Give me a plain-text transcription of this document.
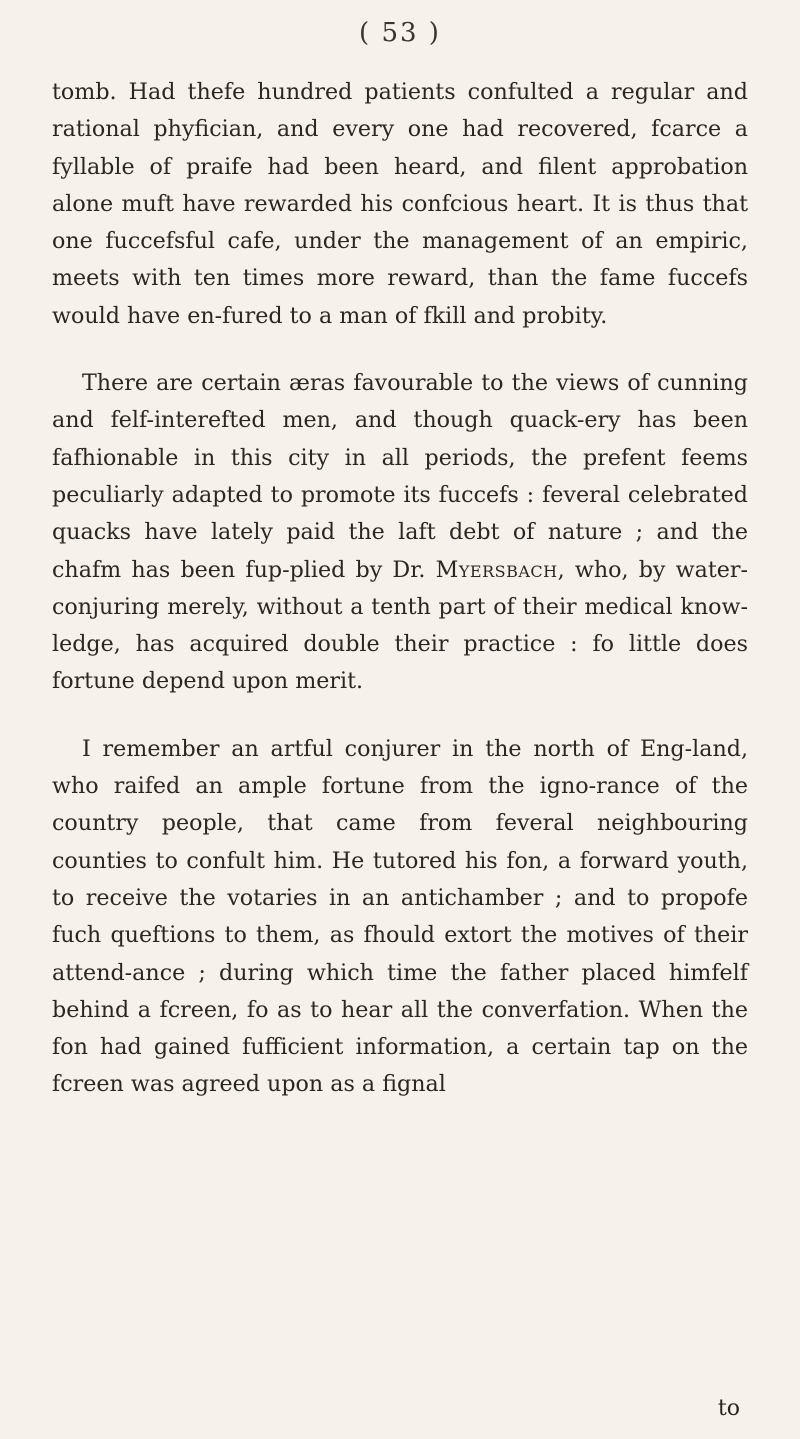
( 53 )

tomb. Had thefe hundred patients confulted a regular and rational phyfician, and every one had recovered, fcarce a fyllable of praife had been heard, and filent approbation alone muft have rewarded his confcious heart. It is thus that one fuccefsful cafe, under the management of an empiric, meets with ten times more reward, than the fame fuccefs would have en-fured to a man of fkill and probity.

There are certain æras favourable to the views of cunning and felf-interefted men, and though quack-ery has been fafhionable in this city in all periods, the prefent feems peculiarly adapted to promote its fuccefs : feveral celebrated quacks have lately paid the laft debt of nature ; and the chafm has been fup-plied by Dr. Myersbach, who, by water-conjuring merely, without a tenth part of their medical know-ledge, has acquired double their practice : fo little does fortune depend upon merit.

I remember an artful conjurer in the north of Eng-land, who raifed an ample fortune from the igno-rance of the country people, that came from feveral neighbouring counties to confult him. He tutored his fon, a forward youth, to receive the votaries in an antichamber ; and to propofe fuch queftions to them, as fhould extort the motives of their attend-ance ; during which time the father placed himfelf behind a fcreen, fo as to hear all the converfation. When the fon had gained fufficient information, a certain tap on the fcreen was agreed upon as a fignal

to
